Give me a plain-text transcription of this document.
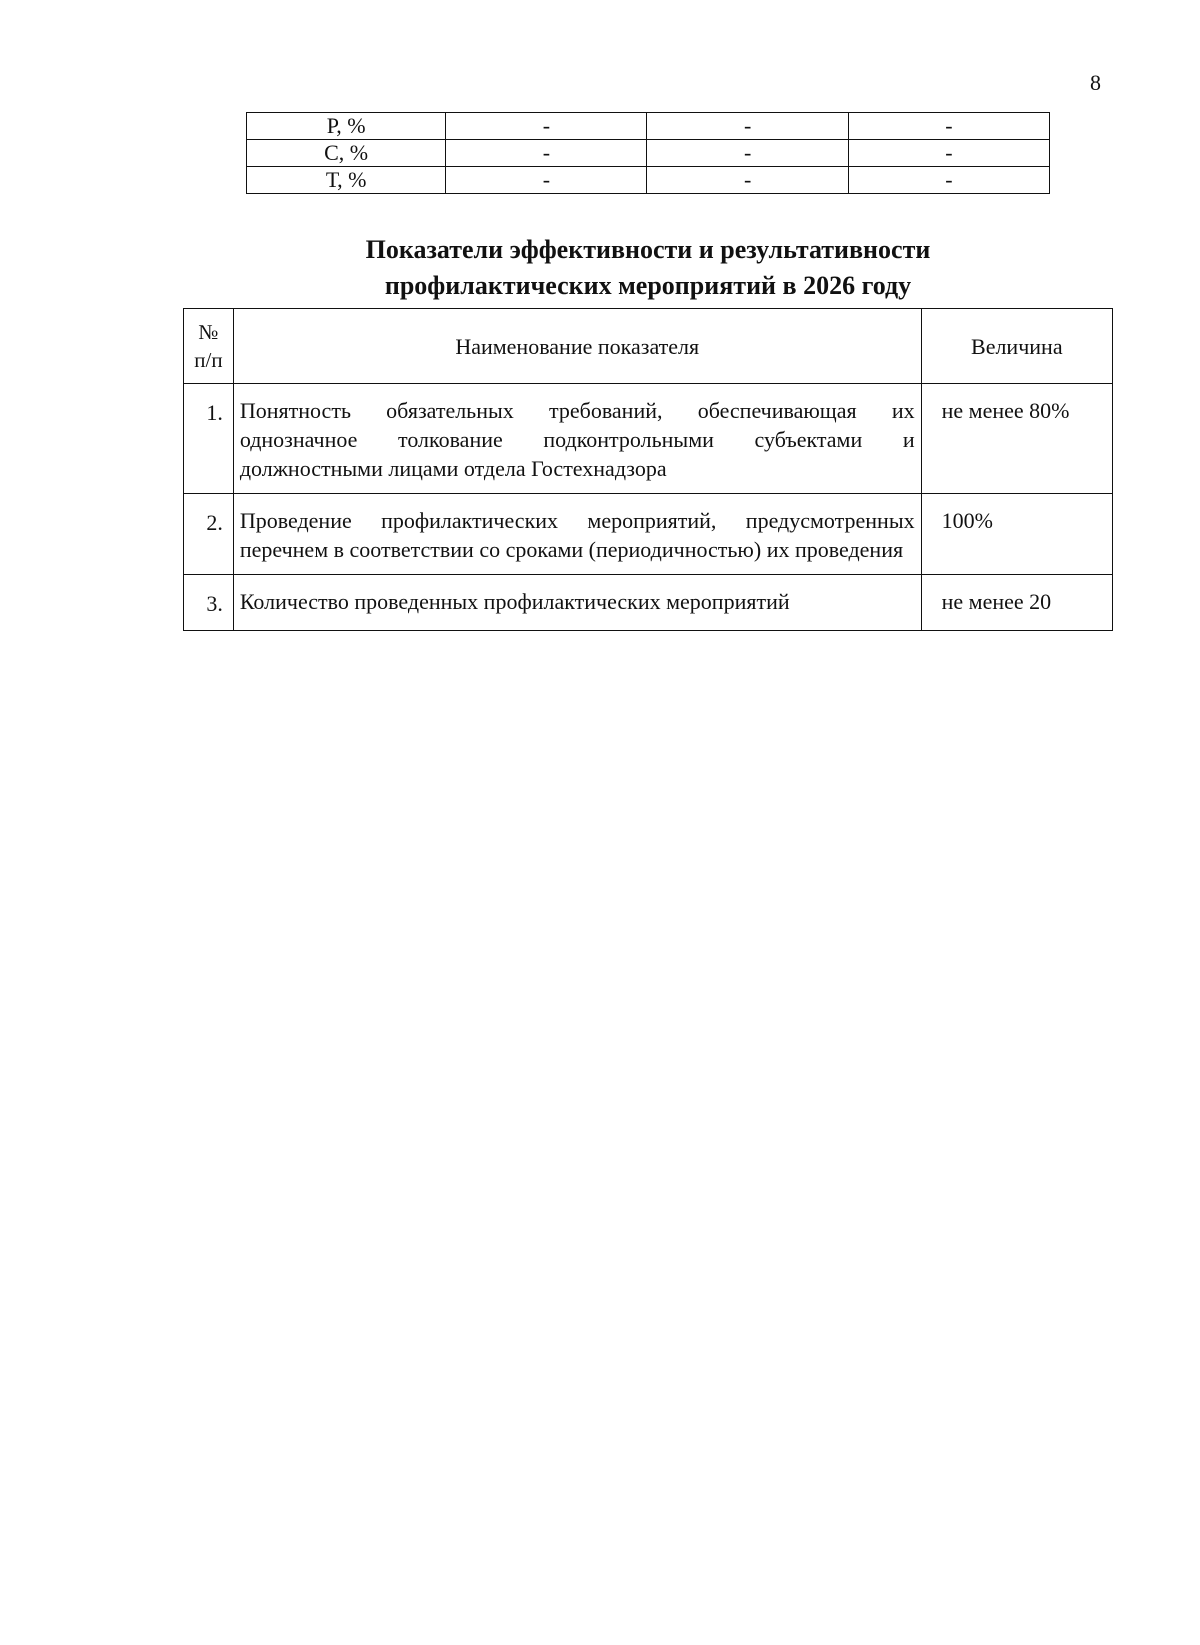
8
Р, %	-	-	-
С, %	-	-	-
Т, %	-	-	-
Показатели эффективности и результативности
профилактических мероприятий в 2026 году
№
п/п	Наименование показателя	Величина
1.	Понятность обязательных требований, обеспечивающая их однозначное толкование подконтрольными субъектами и должностными лицами отдела Гостехнадзора	не менее 80%
2.	Проведение профилактических мероприятий, предусмотренных перечнем в соответствии со сроками (периодичностью) их проведения	100%
3.	Количество проведенных профилактических мероприятий	не менее 20
